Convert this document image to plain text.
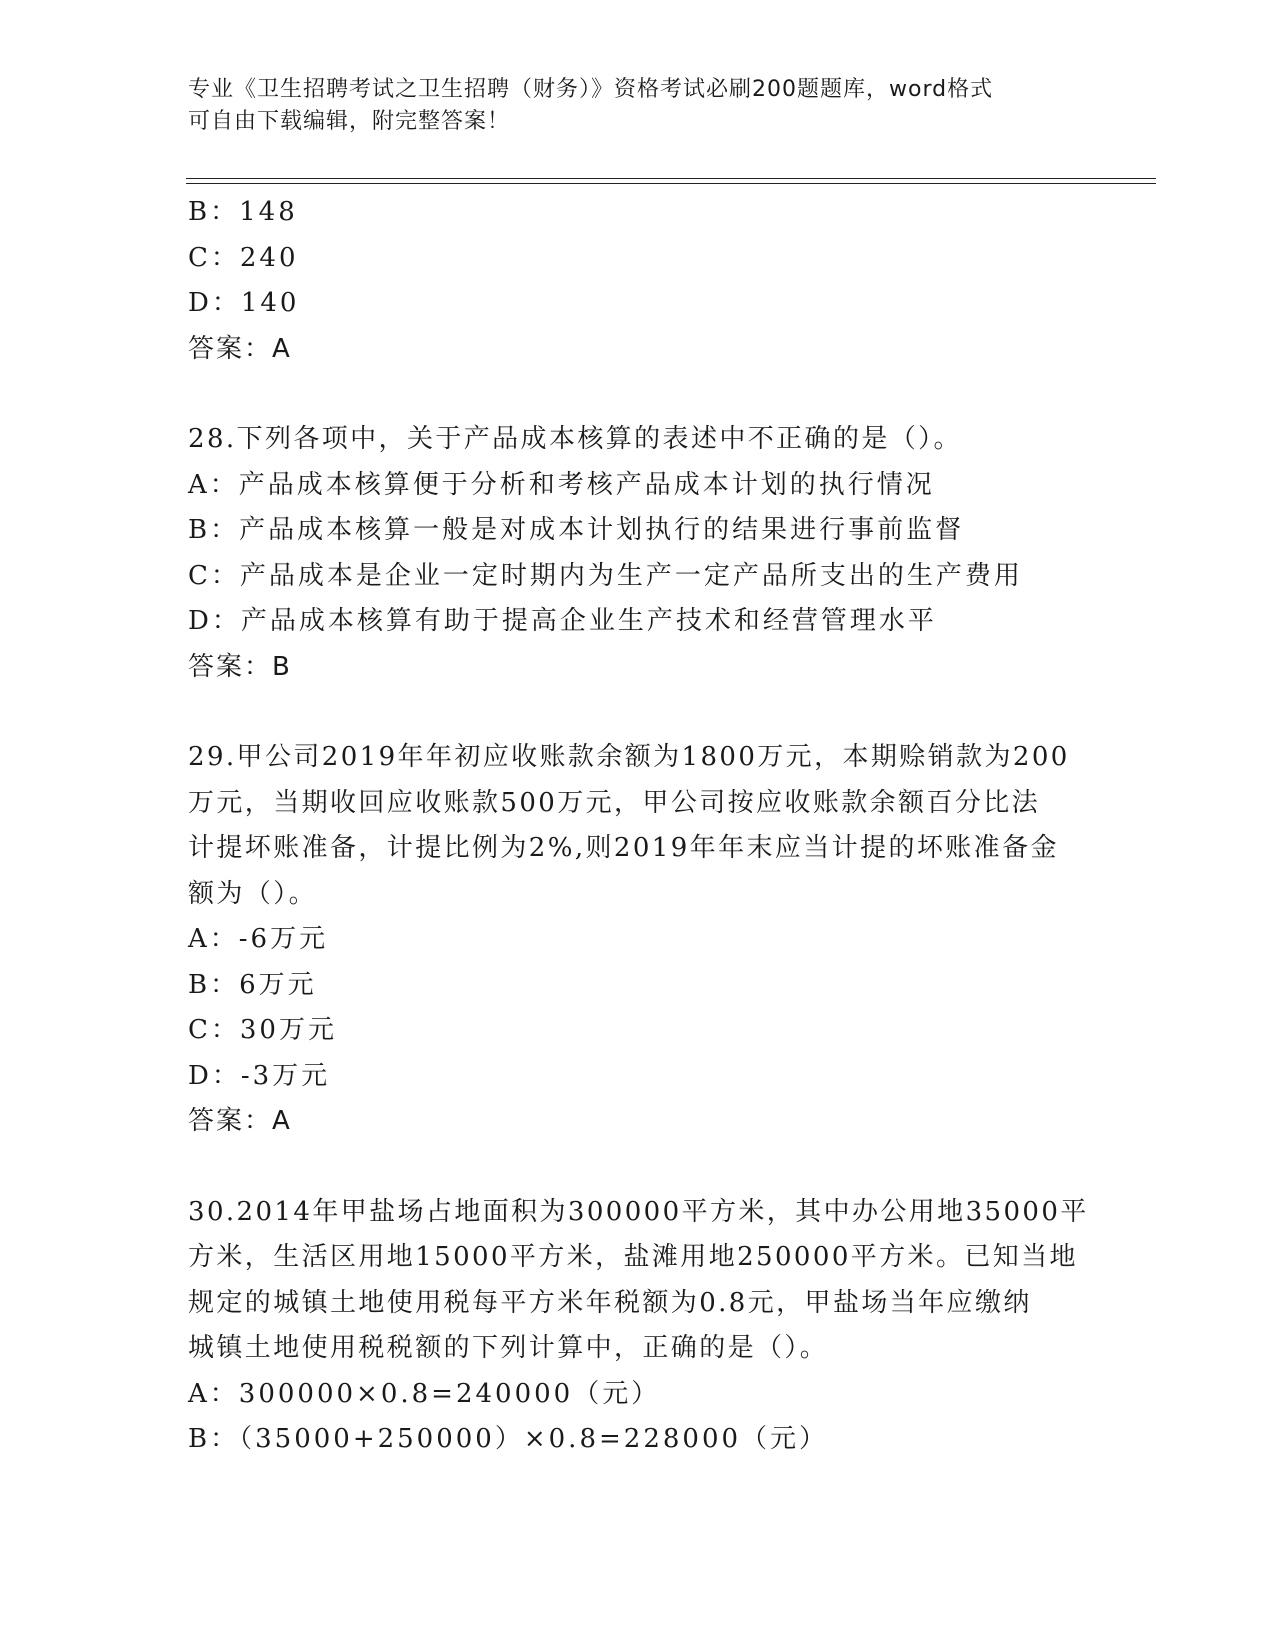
专业《卫生招聘考试之卫生招聘（财务）》资格考试必刷200题题库，word格式
可自由下载编辑，附完整答案！
B：148
C：240
D：140
答案：A
28.下列各项中，关于产品成本核算的表述中不正确的是（）。
A：产品成本核算便于分析和考核产品成本计划的执行情况
B：产品成本核算一般是对成本计划执行的结果进行事前监督
C：产品成本是企业一定时期内为生产一定产品所支出的生产费用
D：产品成本核算有助于提高企业生产技术和经营管理水平
答案：B
29.甲公司2019年年初应收账款余额为1800万元，本期赊销款为200
万元，当期收回应收账款500万元，甲公司按应收账款余额百分比法
计提坏账准备，计提比例为2%,则2019年年末应当计提的坏账准备金
额为（）。
A：-6万元
B：6万元
C：30万元
D：-3万元
答案：A
30.2014年甲盐场占地面积为300000平方米，其中办公用地35000平
方米，生活区用地15000平方米，盐滩用地250000平方米。已知当地
规定的城镇土地使用税每平方米年税额为0.8元，甲盐场当年应缴纳
城镇土地使用税税额的下列计算中，正确的是（）。
A：300000×0.8=240000（元）
B：（35000+250000）×0.8=228000（元）
